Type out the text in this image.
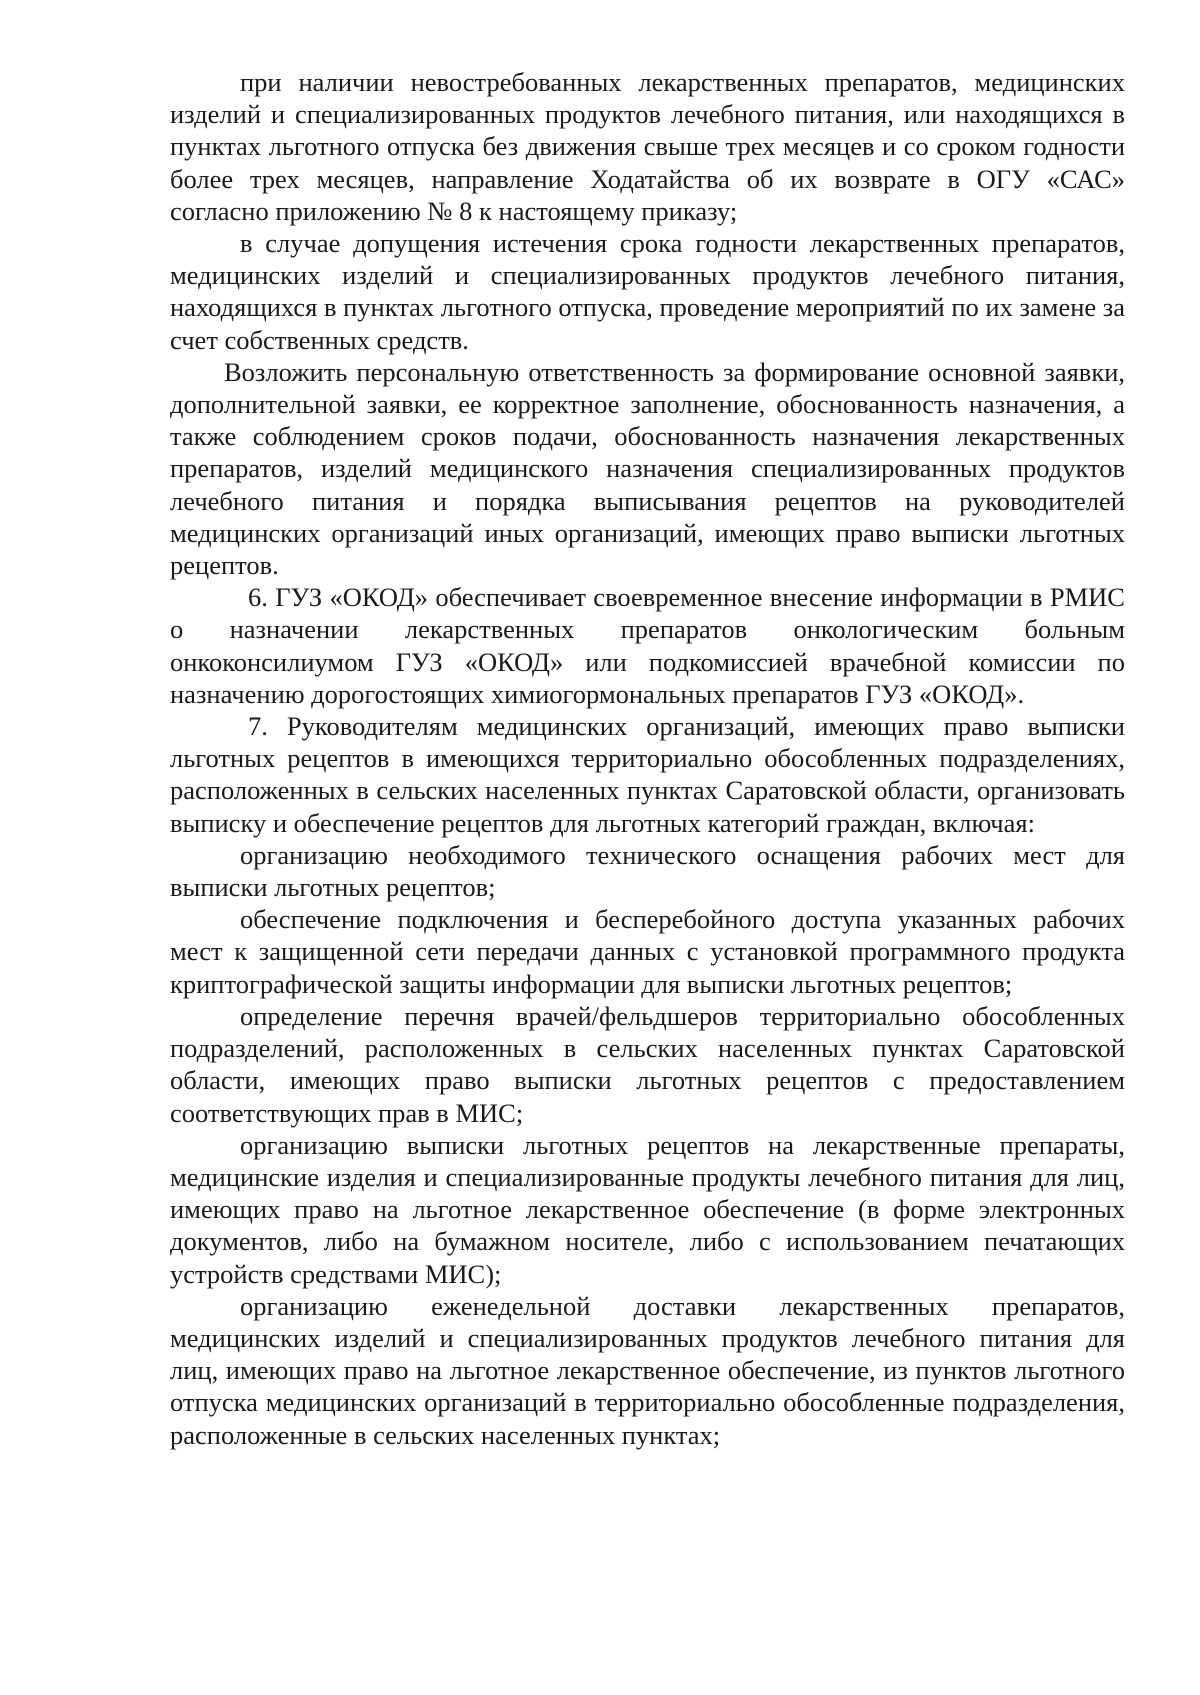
при наличии невостребованных лекарственных препаратов, медицинских изделий и специализированных продуктов лечебного питания, или находящихся в пунктах льготного отпуска без движения свыше трех месяцев и со сроком годности более трех месяцев, направление Ходатайства об их возврате в ОГУ «САС» согласно приложению № 8 к настоящему приказу;

в случае допущения истечения срока годности лекарственных препаратов, медицинских изделий и специализированных продуктов лечебного питания, находящихся в пунктах льготного отпуска, проведение мероприятий по их замене за счет собственных средств.

Возложить персональную ответственность за формирование основной заявки, дополнительной заявки, ее корректное заполнение, обоснованность назначения, а также соблюдением сроков подачи, обоснованность назначения лекарственных препаратов, изделий медицинского назначения специализированных продуктов лечебного питания и порядка выписывания рецептов на руководителей медицинских организаций иных организаций, имеющих право выписки льготных рецептов.

6. ГУЗ «ОКОД» обеспечивает своевременное внесение информации в РМИС о назначении лекарственных препаратов онкологическим больным онкоконсилиумом ГУЗ «ОКОД» или подкомиссией врачебной комиссии по назначению дорогостоящих химиогормональных препаратов ГУЗ «ОКОД».

7. Руководителям медицинских организаций, имеющих право выписки льготных рецептов в имеющихся территориально обособленных подразделениях, расположенных в сельских населенных пунктах Саратовской области, организовать выписку и обеспечение рецептов для льготных категорий граждан, включая:

организацию необходимого технического оснащения рабочих мест для выписки льготных рецептов;

обеспечение подключения и бесперебойного доступа указанных рабочих мест к защищенной сети передачи данных с установкой программного продукта криптографической защиты информации для выписки льготных рецептов;

определение перечня врачей/фельдшеров территориально обособленных подразделений, расположенных в сельских населенных пунктах Саратовской области, имеющих право выписки льготных рецептов с предоставлением соответствующих прав в МИС;

организацию выписки льготных рецептов на лекарственные препараты, медицинские изделия и специализированные продукты лечебного питания для лиц, имеющих право на льготное лекарственное обеспечение (в форме электронных документов, либо на бумажном носителе, либо с использованием печатающих устройств средствами МИС);

организацию еженедельной доставки лекарственных препаратов, медицинских изделий и специализированных продуктов лечебного питания для лиц, имеющих право на льготное лекарственное обеспечение, из пунктов льготного отпуска медицинских организаций в территориально обособленные подразделения, расположенные в сельских населенных пунктах;
